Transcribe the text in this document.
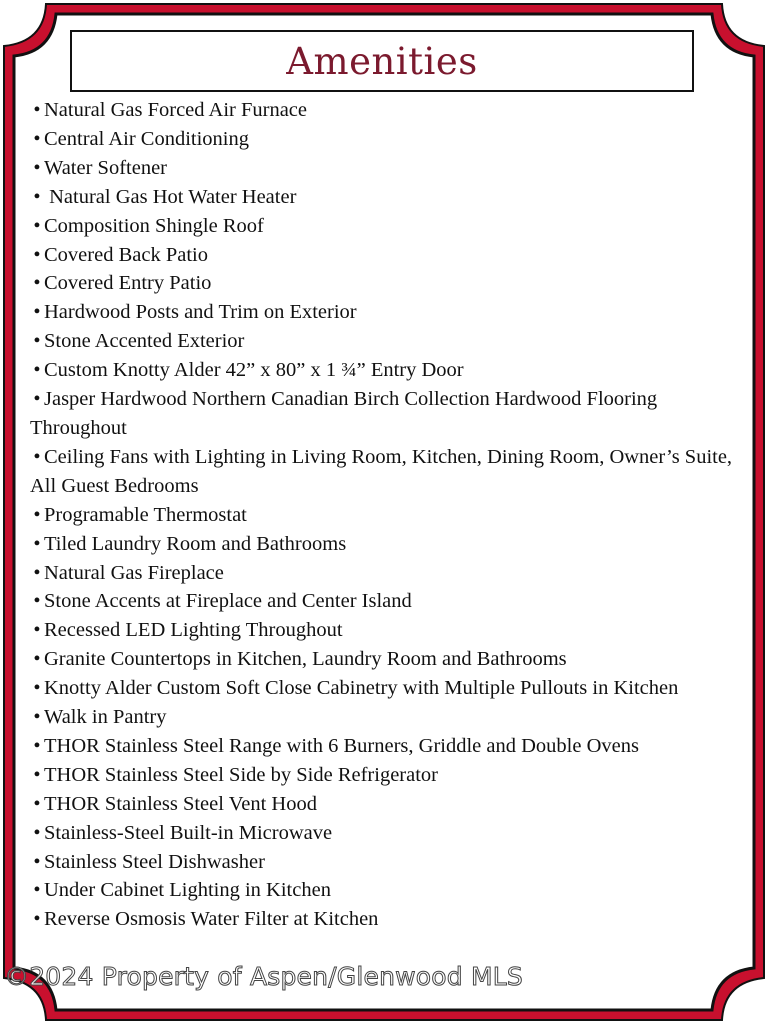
Amenities
• Natural Gas Forced Air Furnace
• Central Air Conditioning
• Water Softener
• Natural Gas Hot Water Heater
• Composition Shingle Roof
• Covered Back Patio
• Covered Entry Patio
• Hardwood Posts and Trim on Exterior
• Stone Accented Exterior
• Custom Knotty Alder 42” x 80” x 1 ¾” Entry Door
• Jasper Hardwood Northern Canadian Birch Collection Hardwood Flooring Throughout
• Ceiling Fans with Lighting in Living Room, Kitchen, Dining Room, Owner’s Suite, All Guest Bedrooms
• Programable Thermostat
• Tiled Laundry Room and Bathrooms
• Natural Gas Fireplace
• Stone Accents at Fireplace and Center Island
• Recessed LED Lighting Throughout
• Granite Countertops in Kitchen, Laundry Room and Bathrooms
• Knotty Alder Custom Soft Close Cabinetry with Multiple Pullouts in Kitchen
• Walk in Pantry
• THOR Stainless Steel Range with 6 Burners, Griddle and Double Ovens
• THOR Stainless Steel Side by Side Refrigerator
• THOR Stainless Steel Vent Hood
• Stainless-Steel Built-in Microwave
• Stainless Steel Dishwasher
• Under Cabinet Lighting in Kitchen
• Reverse Osmosis Water Filter at Kitchen
©2024 Property of Aspen/Glenwood MLS
